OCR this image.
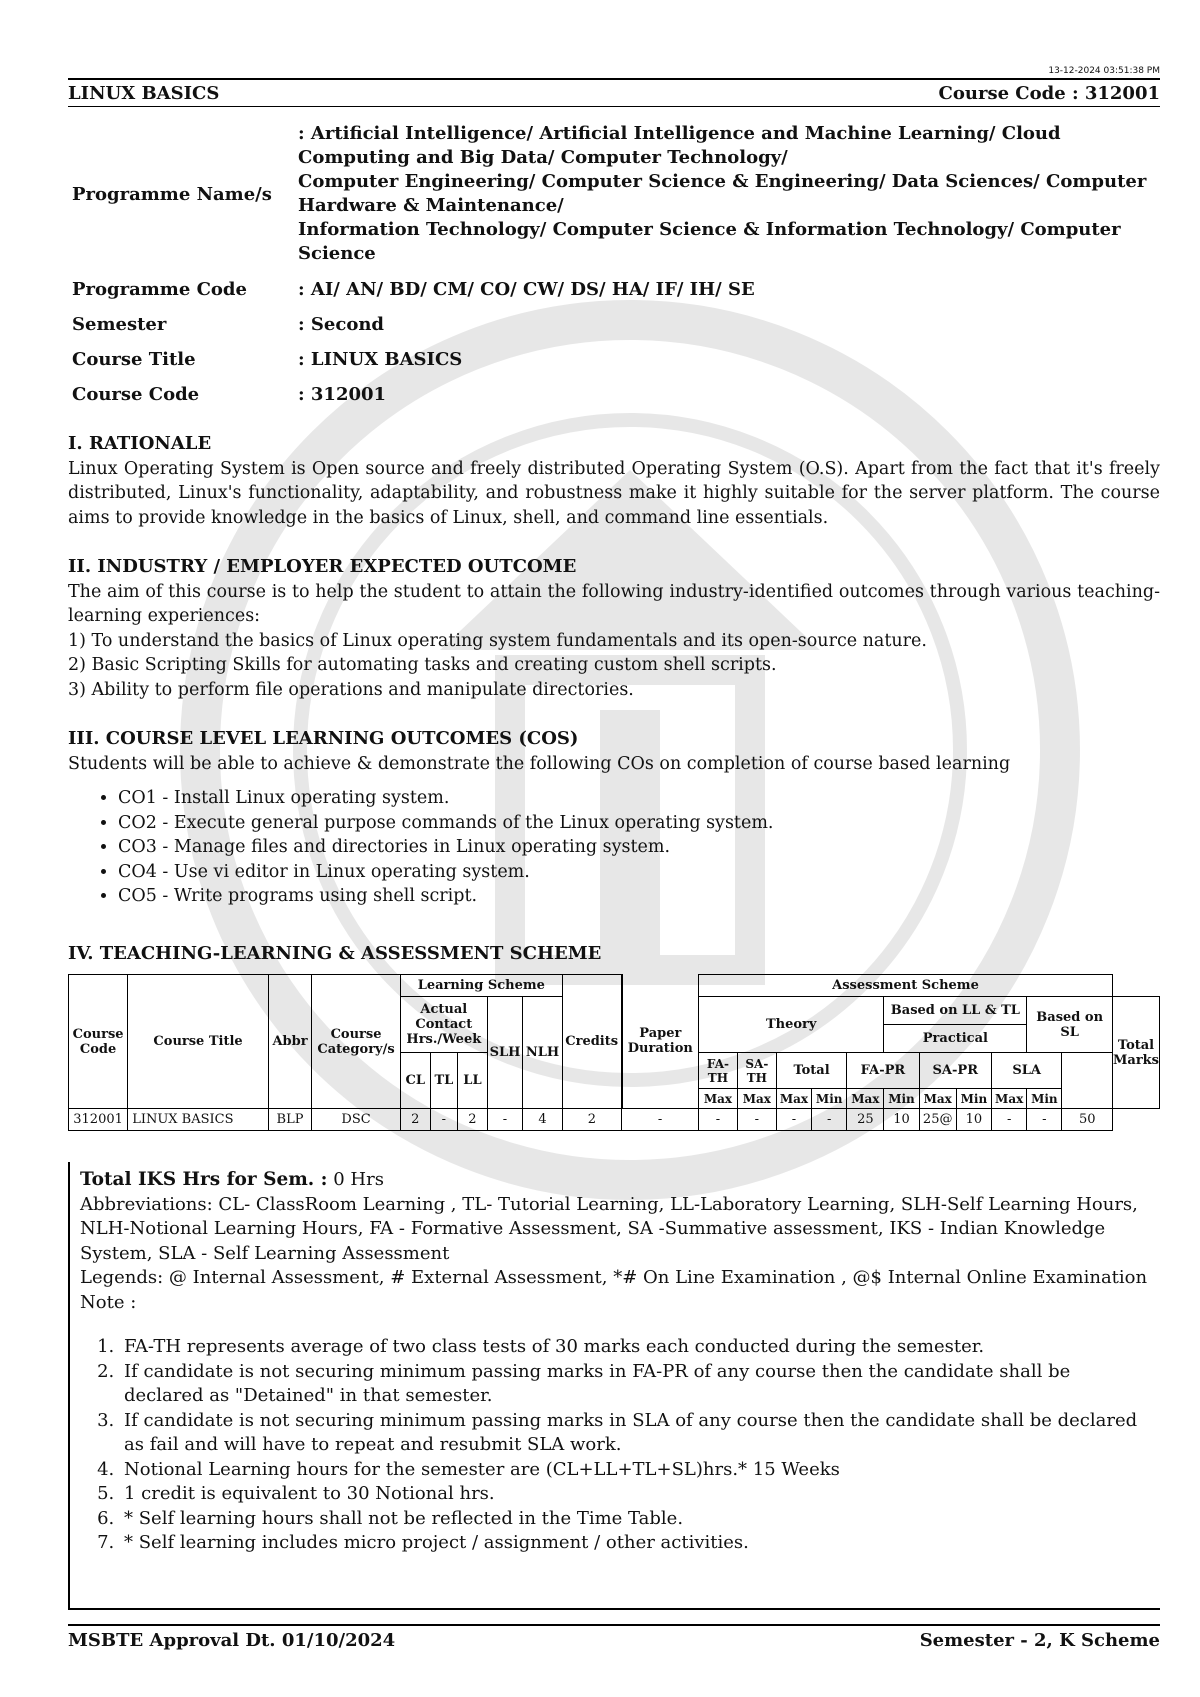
13-12-2024 03:51:38 PM
LINUX BASICS	Course Code : 312001
Programme Name/s
: Artificial Intelligence/ Artificial Intelligence and Machine Learning/ Cloud Computing and Big Data/ Computer Technology/
Computer Engineering/ Computer Science & Engineering/ Data Sciences/ Computer Hardware & Maintenance/
Information Technology/ Computer Science & Information Technology/ Computer Science
Programme Code	: AI/ AN/ BD/ CM/ CO/ CW/ DS/ HA/ IF/ IH/ SE
Semester	: Second
Course Title	: LINUX BASICS
Course Code	: 312001
I. RATIONALE

Linux Operating System is Open source and freely distributed Operating System (O.S). Apart from the fact that it's freely distributed, Linux's functionality, adaptability, and robustness make it highly suitable for the server platform. The course aims to provide knowledge in the basics of Linux, shell, and command line essentials.

II. INDUSTRY / EMPLOYER EXPECTED OUTCOME

The aim of this course is to help the student to attain the following industry-identified outcomes through various teaching-learning experiences:

1) To understand the basics of Linux operating system fundamentals and its open-source nature.
2) Basic Scripting Skills for automating tasks and creating custom shell scripts.
3) Ability to perform file operations and manipulate directories.
III. COURSE LEVEL LEARNING OUTCOMES (COS)
Students will be able to achieve & demonstrate the following COs on completion of course based learning
• CO1 - Install Linux operating system.
• CO2 - Execute general purpose commands of the Linux operating system.
• CO3 - Manage files and directories in Linux operating system.
• CO4 - Use vi editor in Linux operating system.
• CO5 - Write programs using shell script.
IV. TEACHING-LEARNING & ASSESSMENT SCHEME
Course Code	Course Title	Abbr	Course Category/s	Learning Scheme					Credits	Paper Duration	Assessment Scheme											
				Actual Contact Hrs./Week			SLH	NLH			Theory					Based on LL & TL				Based on SL		Total Marks
																Practical						
				CL	TL	LL					FA-TH	SA-TH	Total		FA-PR		SA-PR		SLA			
											Max	Max	Max	Min	Max	Min	Max	Min	Max	Min		
312001	LINUX BASICS	BLP	DSC	2	-	2	-	4	2	-	-	-	-	-	25	10	25@	10	-	-	50	
Total IKS Hrs for Sem. : 0 Hrs
Abbreviations: CL- ClassRoom Learning , TL- Tutorial Learning, LL-Laboratory Learning, SLH-Self Learning Hours, NLH-Notional Learning Hours, FA - Formative Assessment, SA -Summative assessment, IKS - Indian Knowledge System, SLA - Self Learning Assessment
Legends: @ Internal Assessment, # External Assessment, *# On Line Examination , @$ Internal Online Examination
Note :
1. FA-TH represents average of two class tests of 30 marks each conducted during the semester.
2. If candidate is not securing minimum passing marks in FA-PR of any course then the candidate shall be declared as "Detained" in that semester.
3. If candidate is not securing minimum passing marks in SLA of any course then the candidate shall be declared as fail and will have to repeat and resubmit SLA work.
4. Notional Learning hours for the semester are (CL+LL+TL+SL)hrs.* 15 Weeks
5. 1 credit is equivalent to 30 Notional hrs.
6. * Self learning hours shall not be reflected in the Time Table.
7. * Self learning includes micro project / assignment / other activities.
MSBTE Approval Dt. 01/10/2024	Semester - 2, K Scheme
